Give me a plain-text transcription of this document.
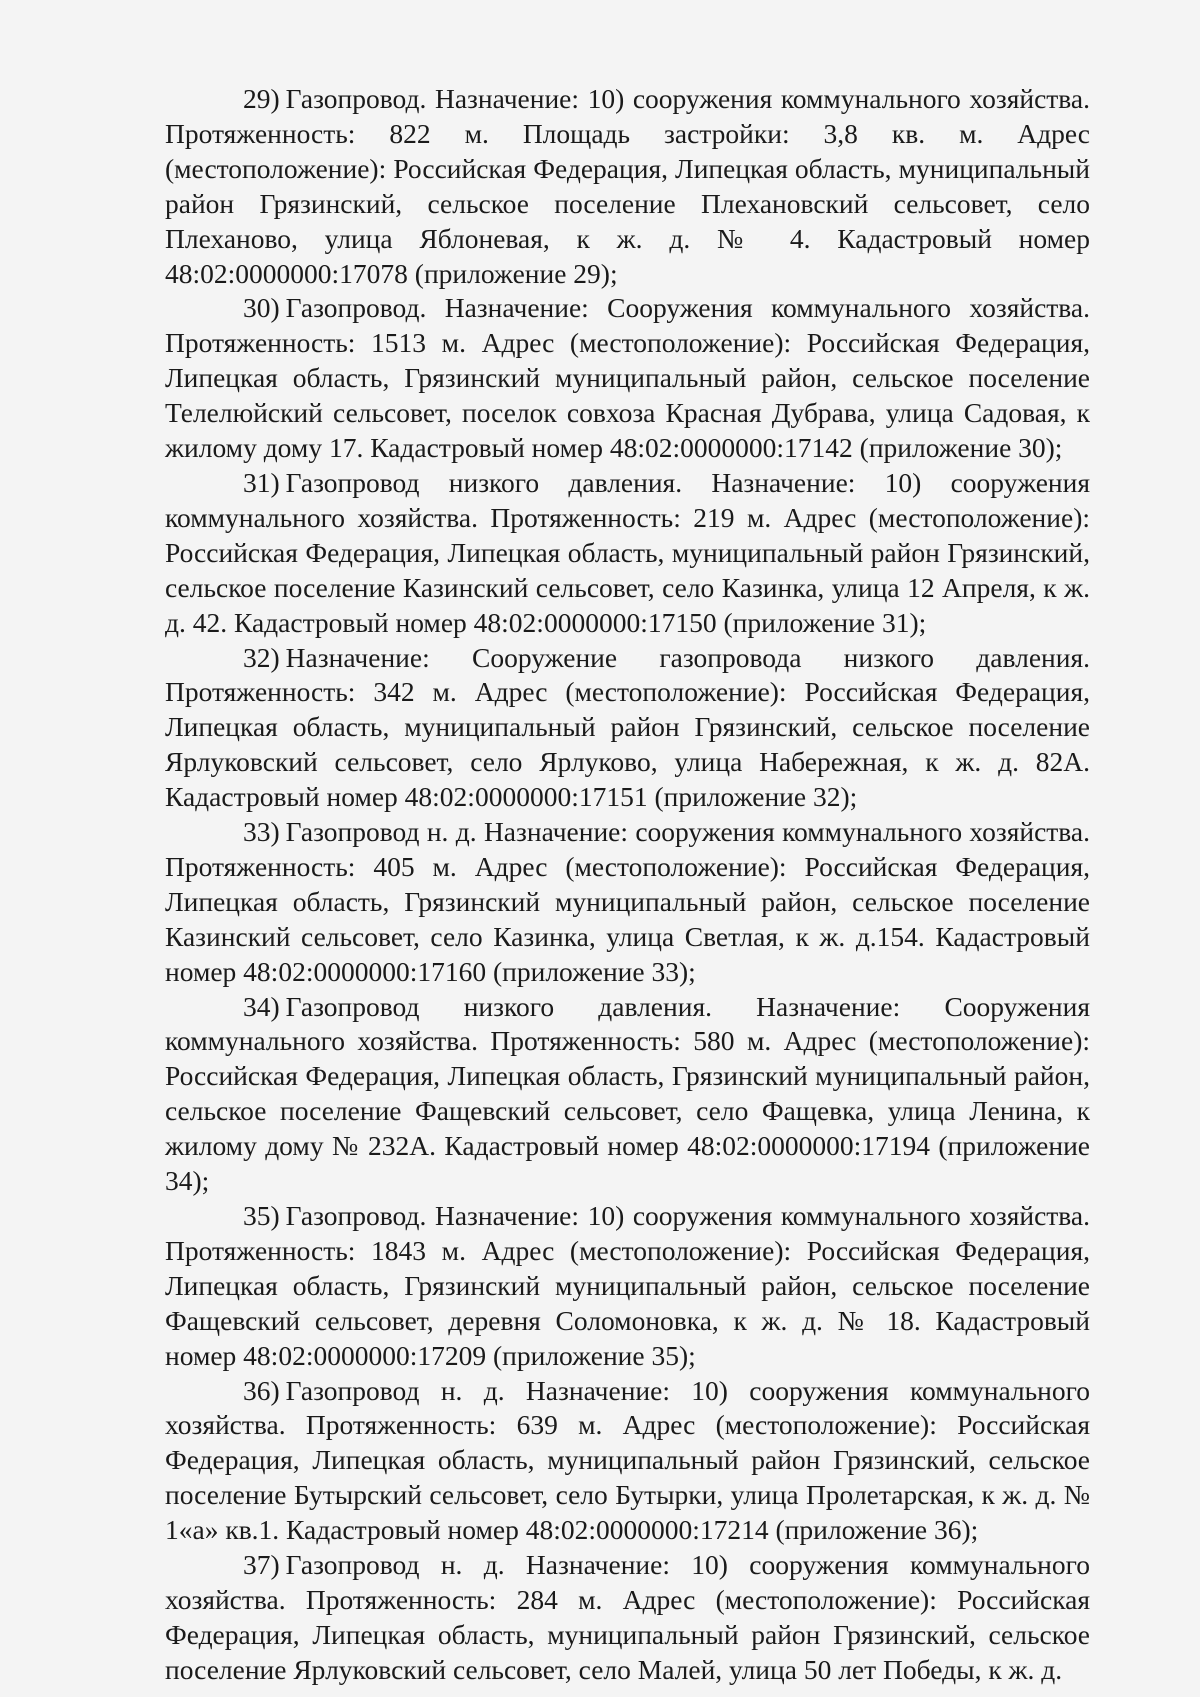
29) Газопровод. Назначение: 10) сооружения коммунального хозяйства. Протяженность: 822 м. Площадь застройки: 3,8 кв. м. Адрес (местоположение): Российская Федерация, Липецкая область, муниципальный район Грязинский, сельское поселение Плехановский сельсовет, село Плеханово, улица Яблоневая, к ж. д. № 4. Кадастровый номер 48:02:0000000:17078 (приложение 29);

30) Газопровод. Назначение: Сооружения коммунального хозяйства. Протяженность: 1513 м. Адрес (местоположение): Российская Федерация, Липецкая область, Грязинский муниципальный район, сельское поселение Телелюйский сельсовет, поселок совхоза Красная Дубрава, улица Садовая, к жилому дому 17. Кадастровый номер 48:02:0000000:17142 (приложение 30);

31) Газопровод низкого давления. Назначение: 10) сооружения коммунального хозяйства. Протяженность: 219 м. Адрес (местоположение): Российская Федерация, Липецкая область, муниципальный район Грязинский, сельское поселение Казинский сельсовет, село Казинка, улица 12 Апреля, к ж. д. 42. Кадастровый номер 48:02:0000000:17150 (приложение 31);

32) Назначение: Сооружение газопровода низкого давления. Протяженность: 342 м. Адрес (местоположение): Российская Федерация, Липецкая область, муниципальный район Грязинский, сельское поселение Ярлуковский сельсовет, село Ярлуково, улица Набережная, к ж. д. 82А. Кадастровый номер 48:02:0000000:17151 (приложение 32);

33) Газопровод н. д. Назначение: сооружения коммунального хозяйства. Протяженность: 405 м. Адрес (местоположение): Российская Федерация, Липецкая область, Грязинский муниципальный район, сельское поселение Казинский сельсовет, село Казинка, улица Светлая, к ж. д.154. Кадастровый номер 48:02:0000000:17160 (приложение 33);

34) Газопровод низкого давления. Назначение: Сооружения коммунального хозяйства. Протяженность: 580 м. Адрес (местоположение): Российская Федерация, Липецкая область, Грязинский муниципальный район, сельское поселение Фащевский сельсовет, село Фащевка, улица Ленина, к жилому дому № 232А. Кадастровый номер 48:02:0000000:17194 (приложение 34);

35) Газопровод. Назначение: 10) сооружения коммунального хозяйства. Протяженность: 1843 м. Адрес (местоположение): Российская Федерация, Липецкая область, Грязинский муниципальный район, сельское поселение Фащевский сельсовет, деревня Соломоновка, к ж. д. № 18. Кадастровый номер 48:02:0000000:17209 (приложение 35);

36) Газопровод н. д. Назначение: 10) сооружения коммунального хозяйства. Протяженность: 639 м. Адрес (местоположение): Российская Федерация, Липецкая область, муниципальный район Грязинский, сельское поселение Бутырский сельсовет, село Бутырки, улица Пролетарская, к ж. д. № 1«а» кв.1. Кадастровый номер 48:02:0000000:17214 (приложение 36);

37) Газопровод н. д. Назначение: 10) сооружения коммунального хозяйства. Протяженность: 284 м. Адрес (местоположение): Российская Федерация, Липецкая область, муниципальный район Грязинский, сельское поселение Ярлуковский сельсовет, село Малей, улица 50 лет Победы, к ж. д.
